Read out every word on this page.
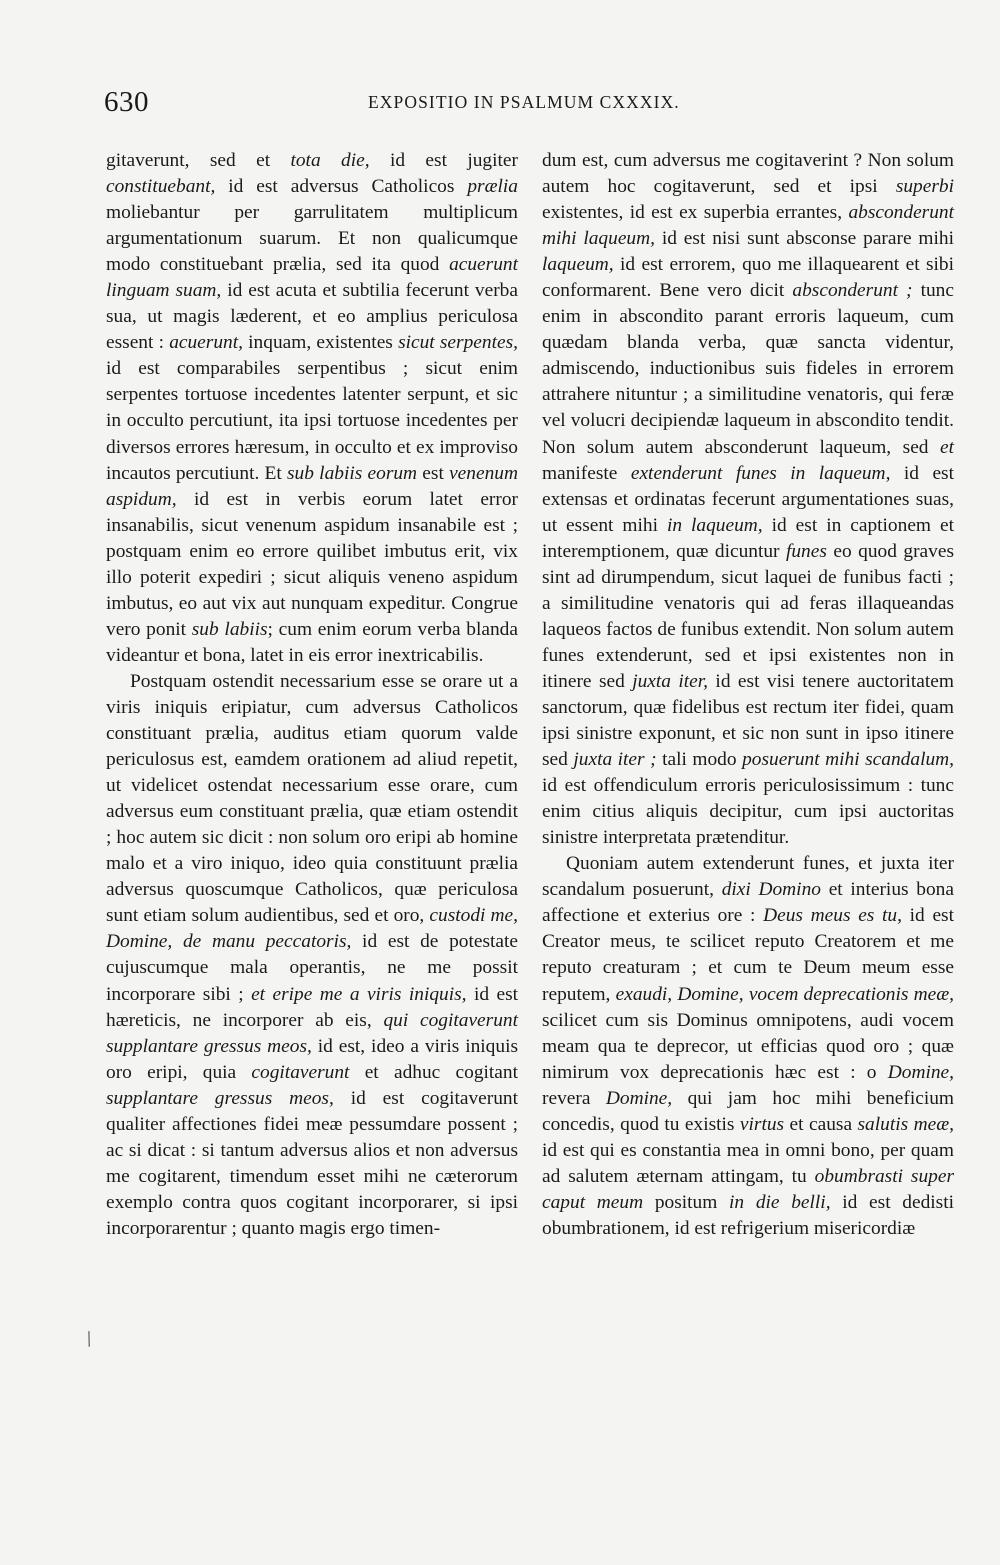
630	EXPOSITIO IN PSALMUM CXXXIX.

gitaverunt, sed et tota die, id est jugiter constituebant, id est adversus Catholicos prælia moliebantur per garrulitatem multiplicum argumentationum suarum. Et non qualicumque modo constituebant prælia, sed ita quod acuerunt linguam suam, id est acuta et subtilia fecerunt verba sua, ut magis læderent, et eo amplius periculosa essent : acuerunt, inquam, existentes sicut serpentes, id est comparabiles serpentibus ; sicut enim serpentes tortuose incedentes latenter serpunt, et sic in occulto percutiunt, ita ipsi tortuose incedentes per diversos errores hæresum, in occulto et ex improviso incautos percutiunt. Et sub labiis eorum est venenum aspidum, id est in verbis eorum latet error insanabilis, sicut venenum aspidum insanabile est ; postquam enim eo errore quilibet imbutus erit, vix illo poterit expediri ; sicut aliquis veneno aspidum imbutus, eo aut vix aut nunquam expeditur. Congrue vero ponit sub labiis; cum enim eorum verba blanda videantur et bona, latet in eis error inextricabilis.

Postquam ostendit necessarium esse se orare ut a viris iniquis eripiatur, cum adversus Catholicos constituant prælia, auditus etiam quorum valde periculosus est, eamdem orationem ad aliud repetit, ut videlicet ostendat necessarium esse orare, cum adversus eum constituant prælia, quæ etiam ostendit ; hoc autem sic dicit : non solum oro eripi ab homine malo et a viro iniquo, ideo quia constituunt prælia adversus quoscumque Catholicos, quæ periculosa sunt etiam solum audientibus, sed et oro, custodi me, Domine, de manu peccatoris, id est de potestate cujuscumque mala operantis, ne me possit incorporare sibi ; et eripe me a viris iniquis, id est hæreticis, ne incorporer ab eis, qui cogitaverunt supplantare gressus meos, id est, ideo a viris iniquis oro eripi, quia cogitaverunt et adhuc cogitant supplantare gressus meos, id est cogitaverunt qualiter affectiones fidei meæ pessumdare possent ; ac si dicat : si tantum adversus alios et non adversus me cogitarent, timendum esset mihi ne cæterorum exemplo contra quos cogitant incorporarer, si ipsi incorporarentur ; quanto magis ergo timen-

dum est, cum adversus me cogitaverint ? Non solum autem hoc cogitaverunt, sed et ipsi superbi existentes, id est ex superbia errantes, absconderunt mihi laqueum, id est nisi sunt absconse parare mihi laqueum, id est errorem, quo me illaquearent et sibi conformarent. Bene vero dicit absconderunt ; tunc enim in abscondito parant erroris laqueum, cum quædam blanda verba, quæ sancta videntur, admiscendo, inductionibus suis fideles in errorem attrahere nituntur ; a similitudine venatoris, qui feræ vel volucri decipiendæ laqueum in abscondito tendit. Non solum autem absconderunt laqueum, sed et manifeste extenderunt funes in laqueum, id est extensas et ordinatas fecerunt argumentationes suas, ut essent mihi in laqueum, id est in captionem et interemptionem, quæ dicuntur funes eo quod graves sint ad dirumpendum, sicut laquei de funibus facti ; a similitudine venatoris qui ad feras illaqueandas laqueos factos de funibus extendit. Non solum autem funes extenderunt, sed et ipsi existentes non in itinere sed juxta iter, id est visi tenere auctoritatem sanctorum, quæ fidelibus est rectum iter fidei, quam ipsi sinistre exponunt, et sic non sunt in ipso itinere sed juxta iter ; tali modo posuerunt mihi scandalum, id est offendiculum erroris periculosissimum : tunc enim citius aliquis decipitur, cum ipsi auctoritas sinistre interpretata prætenditur.

Quoniam autem extenderunt funes, et juxta iter scandalum posuerunt, dixi Domino et interius bona affectione et exterius ore : Deus meus es tu, id est Creator meus, te scilicet reputo Creatorem et me reputo creaturam ; et cum te Deum meum esse reputem, exaudi, Domine, vocem deprecationis meæ, scilicet cum sis Dominus omnipotens, audi vocem meam qua te deprecor, ut efficias quod oro ; quæ nimirum vox deprecationis hæc est : o Domine, revera Domine, qui jam hoc mihi beneficium concedis, quod tu existis virtus et causa salutis meæ, id est qui es constantia mea in omni bono, per quam ad salutem æternam attingam, tu obumbrasti super caput meum positum in die belli, id est dedisti obumbrationem, id est refrigerium misericordiæ

/
